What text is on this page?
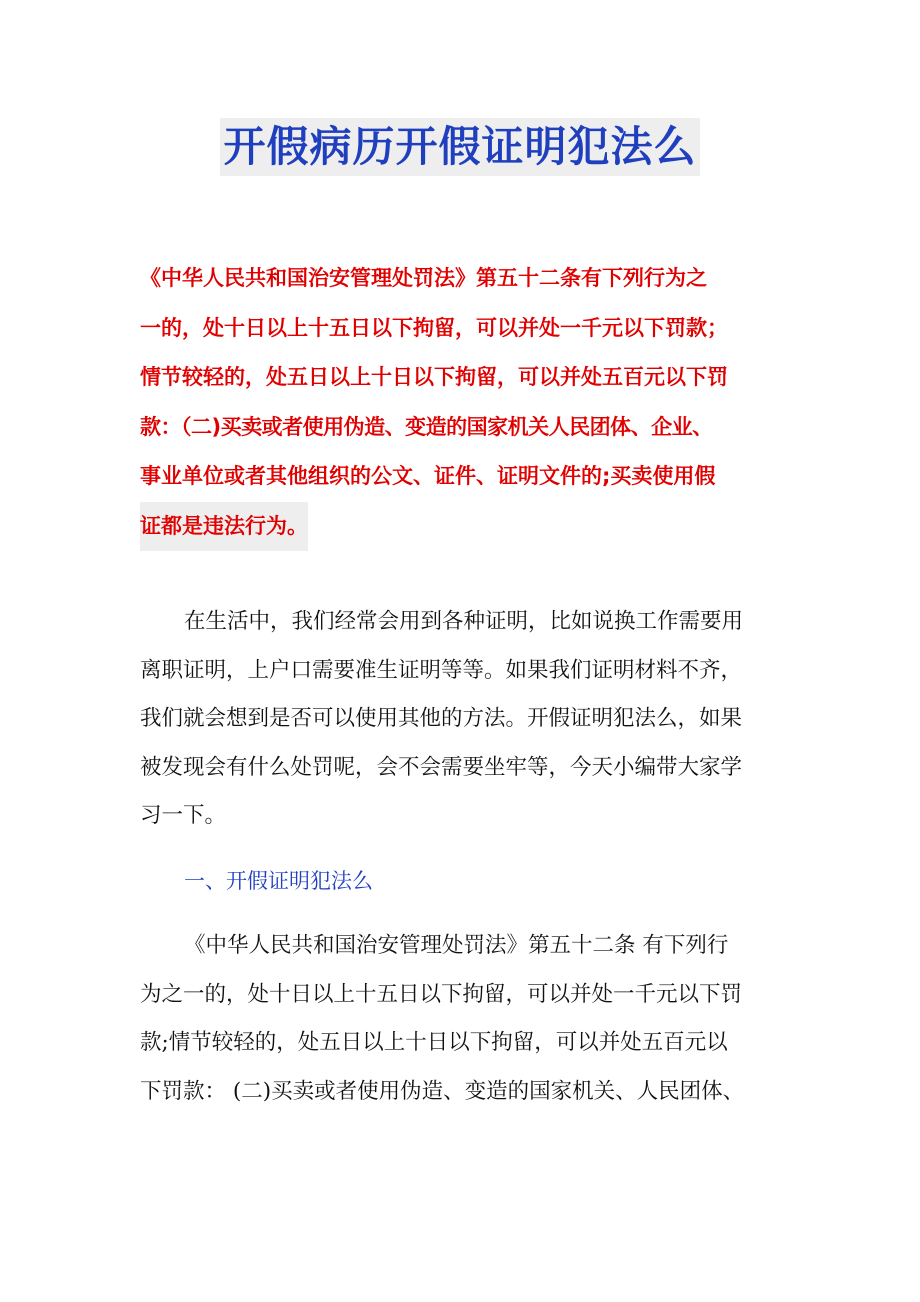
开假病历开假证明犯法么
《中华人民共和国治安管理处罚法》第五十二条有下列行为之
一的，处十日以上十五日以下拘留，可以并处一千元以下罚款；
情节较轻的，处五日以上十日以下拘留，可以并处五百元以下罚
款：（二)买卖或者使用伪造、变造的国家机关人民团体、企业、
事业单位或者其他组织的公文、证件、证明文件的;买卖使用假
证都是违法行为。
在生活中，我们经常会用到各种证明，比如说换工作需要用
离职证明，上户口需要准生证明等等。如果我们证明材料不齐，
我们就会想到是否可以使用其他的方法。开假证明犯法么，如果
被发现会有什么处罚呢，会不会需要坐牢等，今天小编带大家学
习一下。
一、开假证明犯法么
《中华人民共和国治安管理处罚法》第五十二条 有下列行
为之一的，处十日以上十五日以下拘留，可以并处一千元以下罚
款;情节较轻的，处五日以上十日以下拘留，可以并处五百元以
下罚款： (二)买卖或者使用伪造、变造的国家机关、人民团体、
